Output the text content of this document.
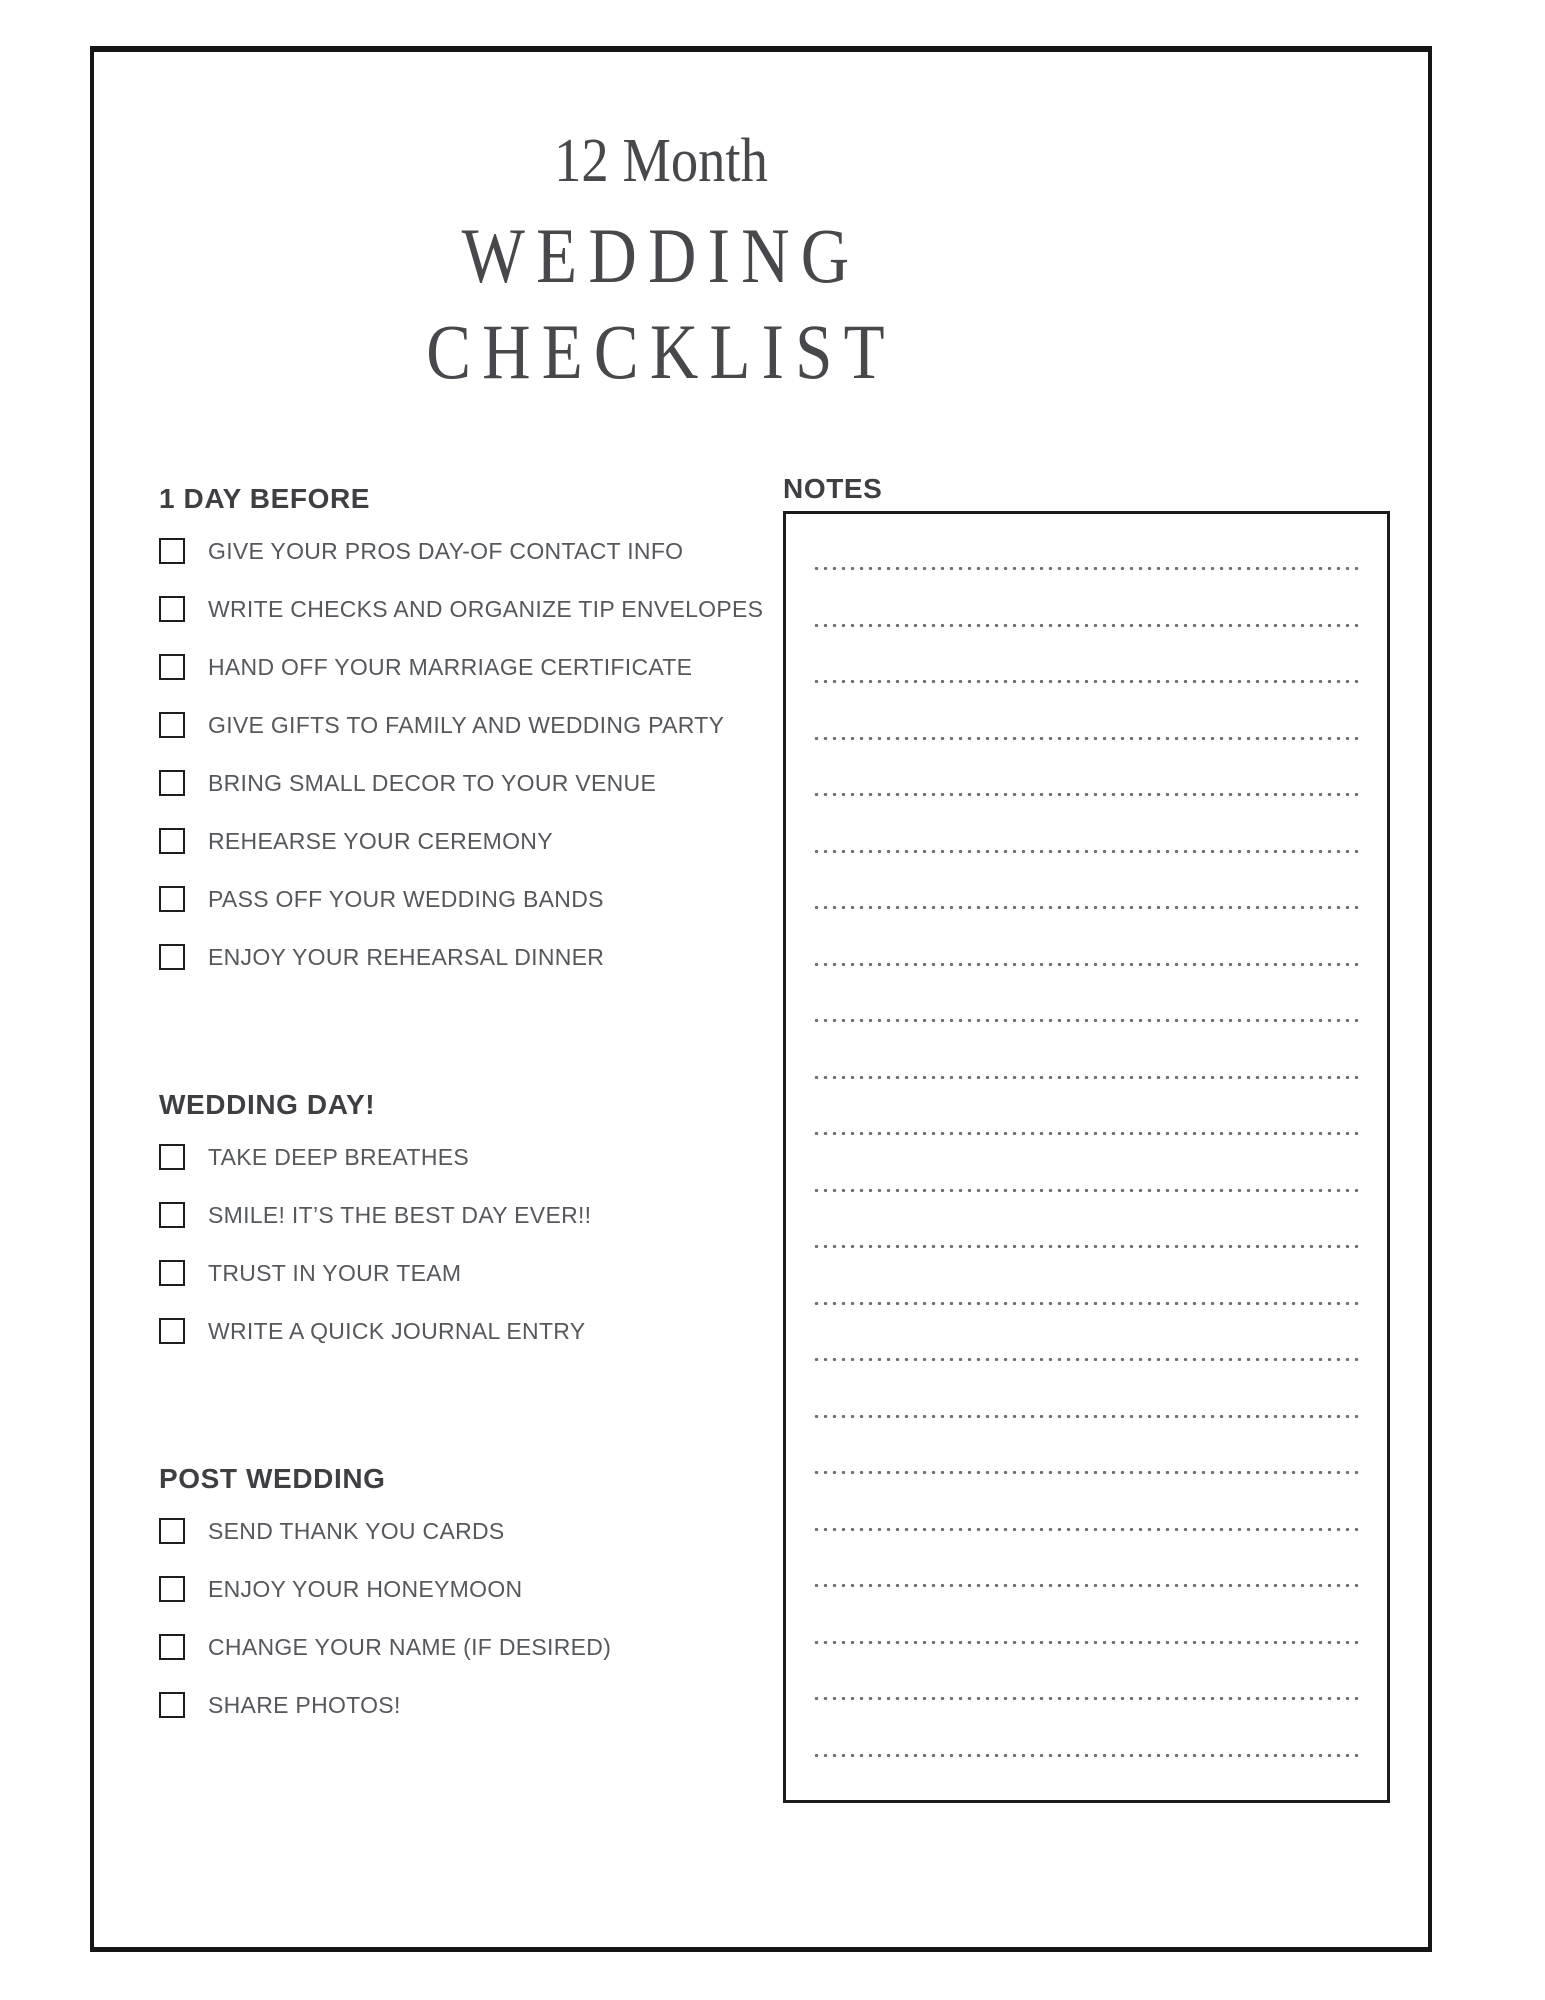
12 Month
WEDDING
CHECKLIST
1 DAY BEFORE
GIVE YOUR PROS DAY-OF CONTACT INFO
WRITE CHECKS AND ORGANIZE TIP ENVELOPES
HAND OFF YOUR MARRIAGE CERTIFICATE
GIVE GIFTS TO FAMILY AND WEDDING PARTY
BRING SMALL DECOR TO YOUR VENUE
REHEARSE YOUR CEREMONY
PASS OFF YOUR WEDDING BANDS
ENJOY YOUR REHEARSAL DINNER
WEDDING DAY!
TAKE DEEP BREATHES
SMILE! IT’S THE BEST DAY EVER!!
TRUST IN YOUR TEAM
WRITE A QUICK JOURNAL ENTRY
POST WEDDING
SEND THANK YOU CARDS
ENJOY YOUR HONEYMOON
CHANGE YOUR NAME (IF DESIRED)
SHARE PHOTOS!
NOTES
